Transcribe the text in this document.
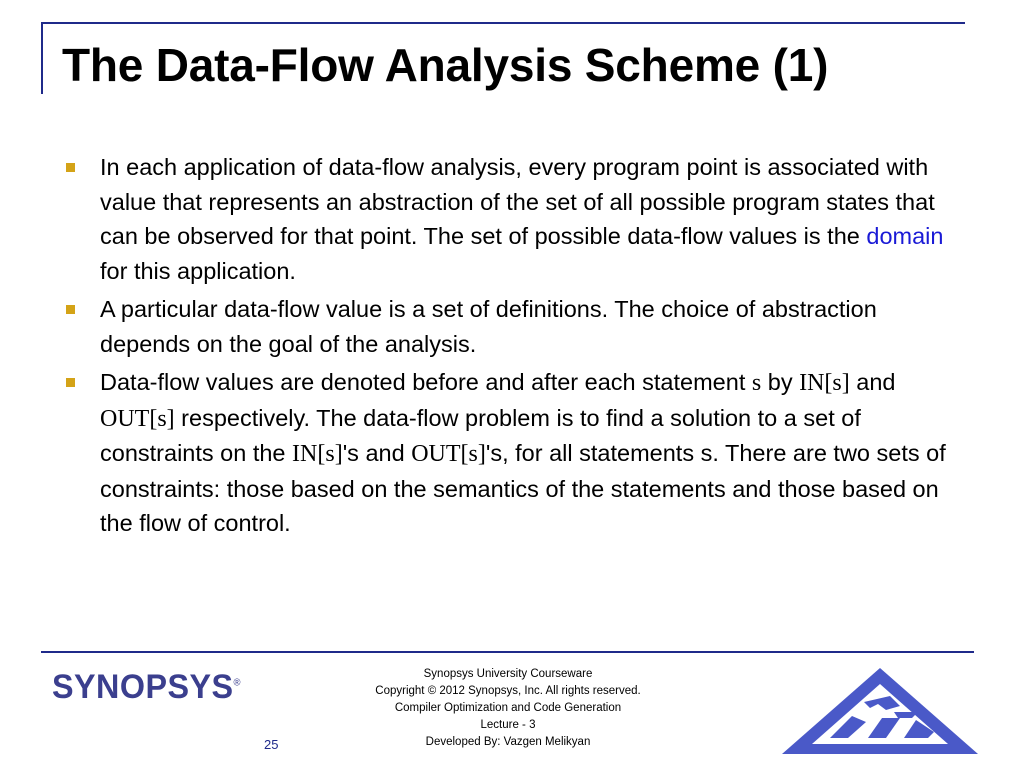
The Data-Flow Analysis Scheme (1)
In each application of data-flow analysis, every program point is associated with value that represents an abstraction of the set of all possible program states that can be observed for that point. The set of possible data-flow values is the domain for this application.
A particular data-flow value is a set of definitions. The choice of abstraction depends on the goal of the analysis.
Data-flow values are denoted before and after each statement s by IN[s] and OUT[s] respectively. The data-flow problem is to find a solution to a set of constraints on the IN[s]'s and OUT[s]'s, for all statements s. There are two sets of constraints: those based on the semantics of the statements and those based on the flow of control.
SYNOPSYS®
25
Synopsys University Courseware
Copyright © 2012 Synopsys, Inc. All rights reserved.
Compiler Optimization and Code Generation
Lecture - 3
Developed By: Vazgen Melikyan
